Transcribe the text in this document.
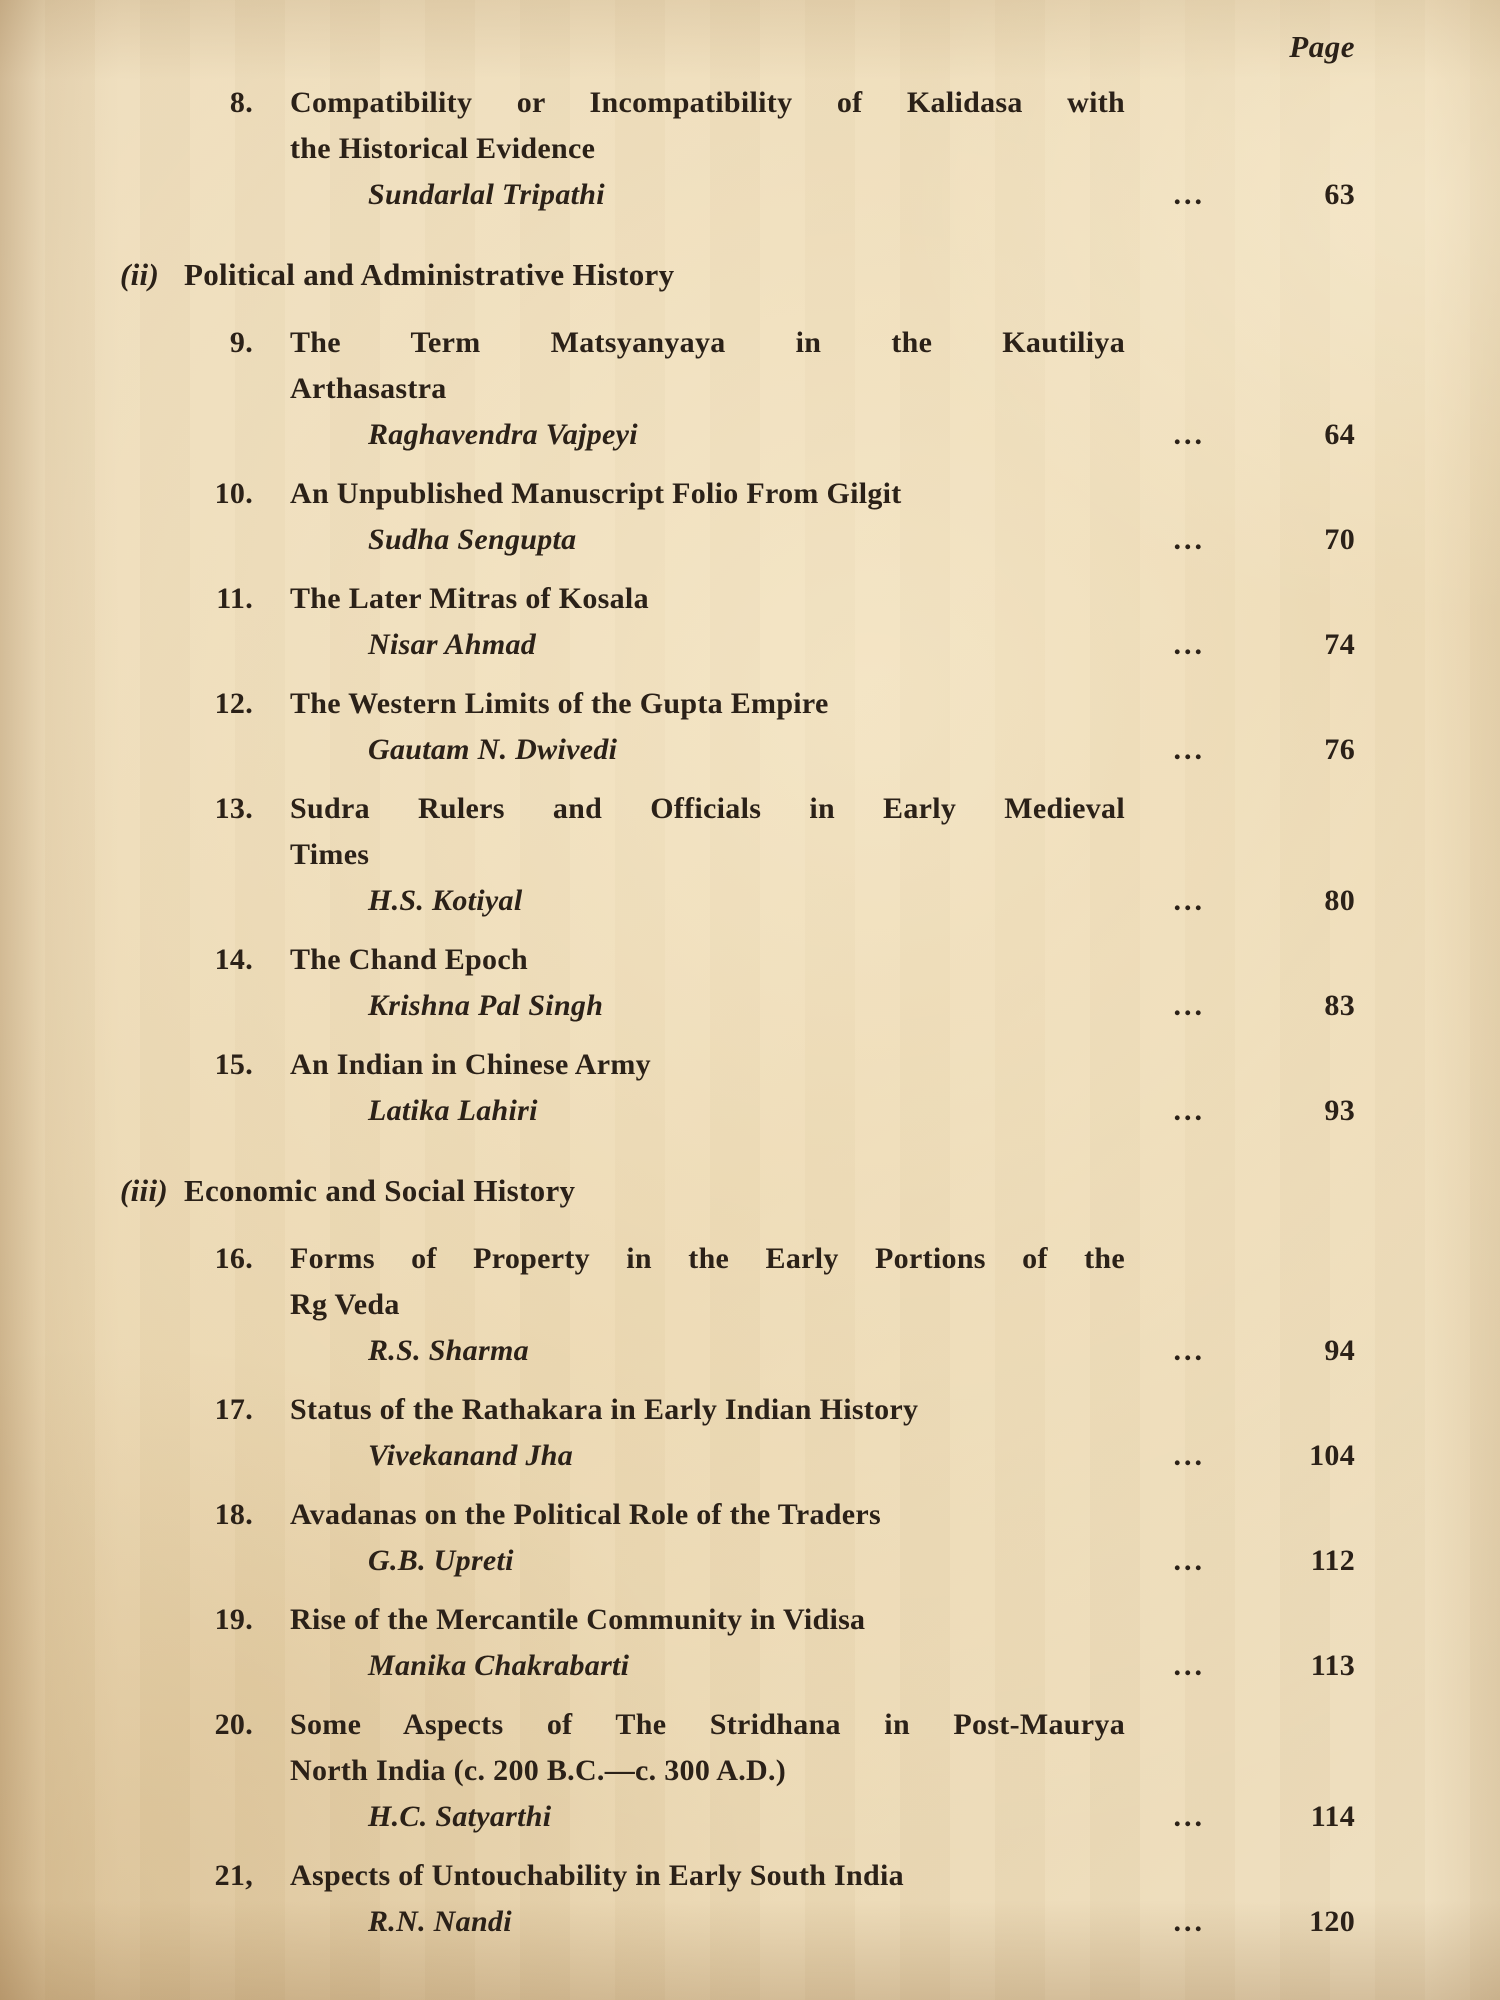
Page
8.	Compatibility or Incompatibility of Kalidasa with
the Historical Evidence
Sundarlal Tripathi	...	63
(ii) Political and Administrative History
9.	The Term Matsyanyaya in the Kautiliya
Arthasastra
Raghavendra Vajpeyi	...	64
10.	An Unpublished Manuscript Folio From Gilgit
Sudha Sengupta	...	70
11.	The Later Mitras of Kosala
Nisar Ahmad	...	74
12.	The Western Limits of the Gupta Empire
Gautam N. Dwivedi	...	76
13.	Sudra Rulers and Officials in Early Medieval
Times
H.S. Kotiyal	...	80
14.	The Chand Epoch
Krishna Pal Singh	...	83
15.	An Indian in Chinese Army
Latika Lahiri	...	93
(iii) Economic and Social History
16.	Forms of Property in the Early Portions of the
Rg Veda
R.S. Sharma	...	94
17.	Status of the Rathakara in Early Indian History
Vivekanand Jha	...	104
18.	Avadanas on the Political Role of the Traders
G.B. Upreti	...	112
19.	Rise of the Mercantile Community in Vidisa
Manika Chakrabarti	...	113
20.	Some Aspects of The Stridhana in Post-Maurya
North India (c. 200 B.C.—c. 300 A.D.)
H.C. Satyarthi	...	114
21,	Aspects of Untouchability in Early South India
R.N. Nandi	...	120
